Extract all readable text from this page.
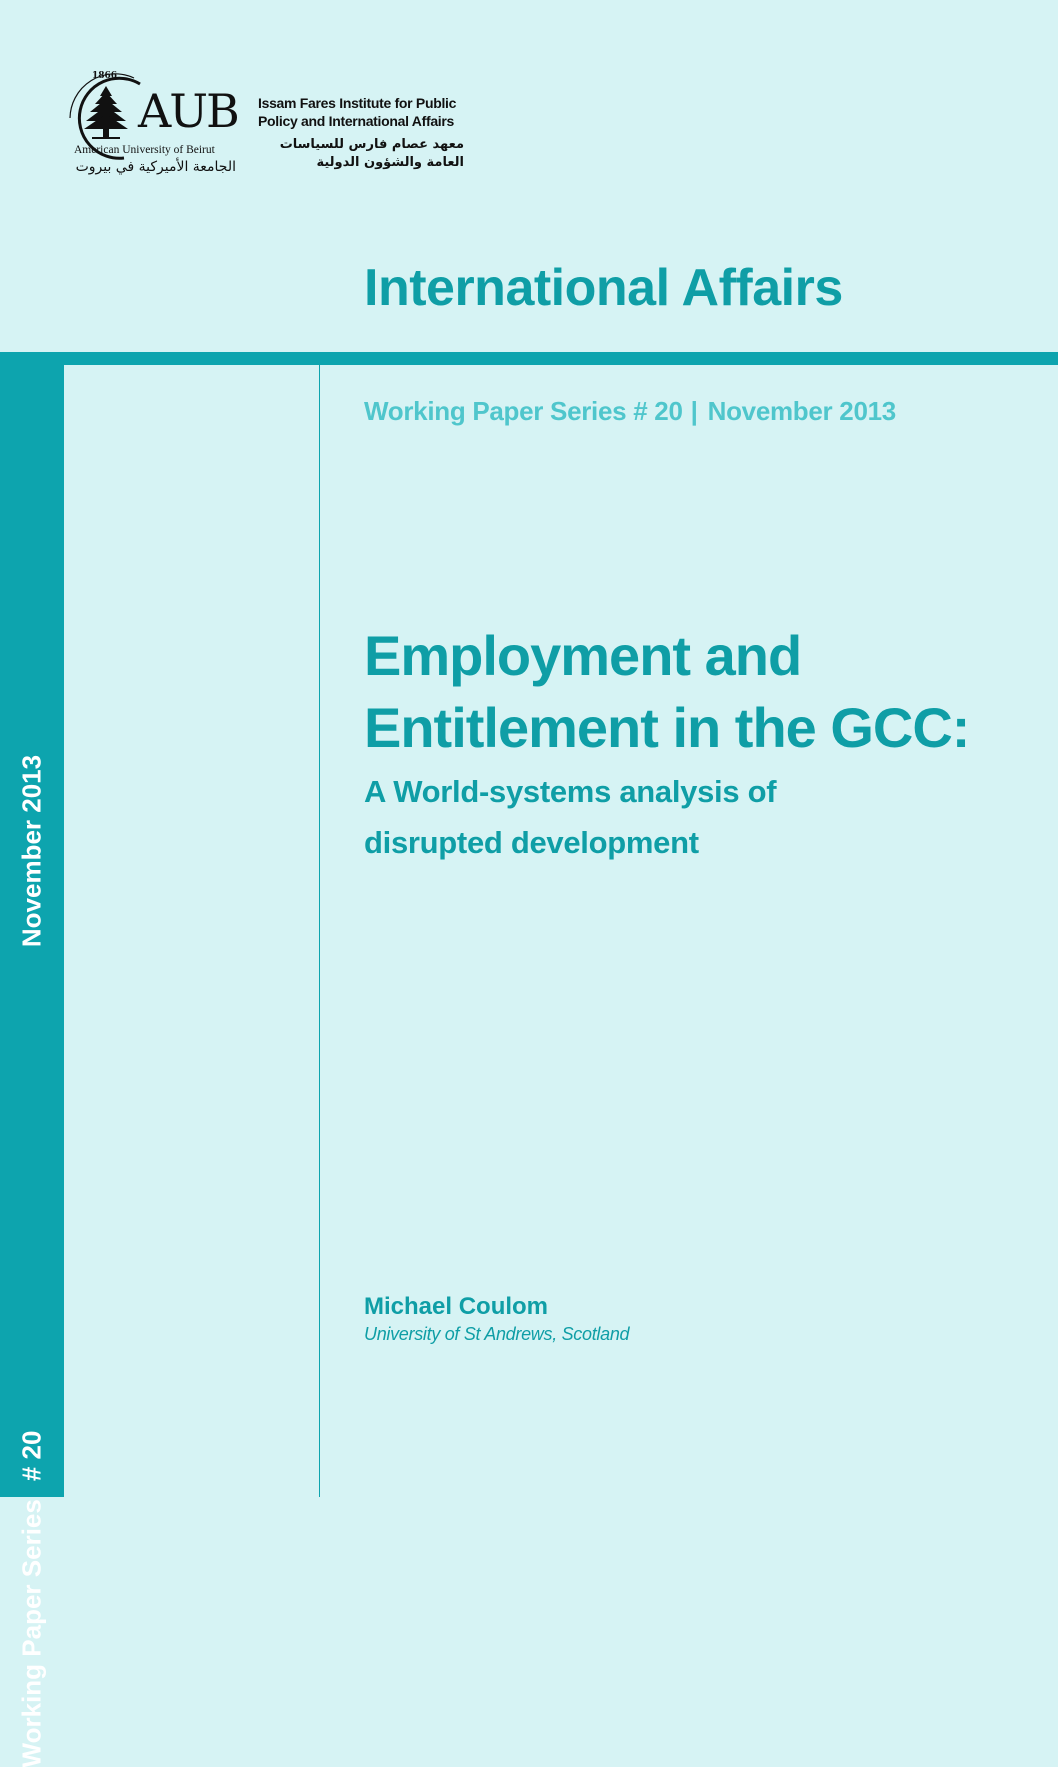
1866
AUB
American University of Beirut
الجامعة الأميركية في بيروت
Issam Fares Institute for Public
Policy and International Affairs
معهد عصام فارس للسياسات
العامة والشؤون الدولية
International Affairs
November 2013
Working Paper Series# 20
Working Paper Series # 20 | November 2013
Employment and
Entitlement in the GCC:
A World-systems analysis of
disrupted development
Michael Coulom
University of St Andrews, Scotland
